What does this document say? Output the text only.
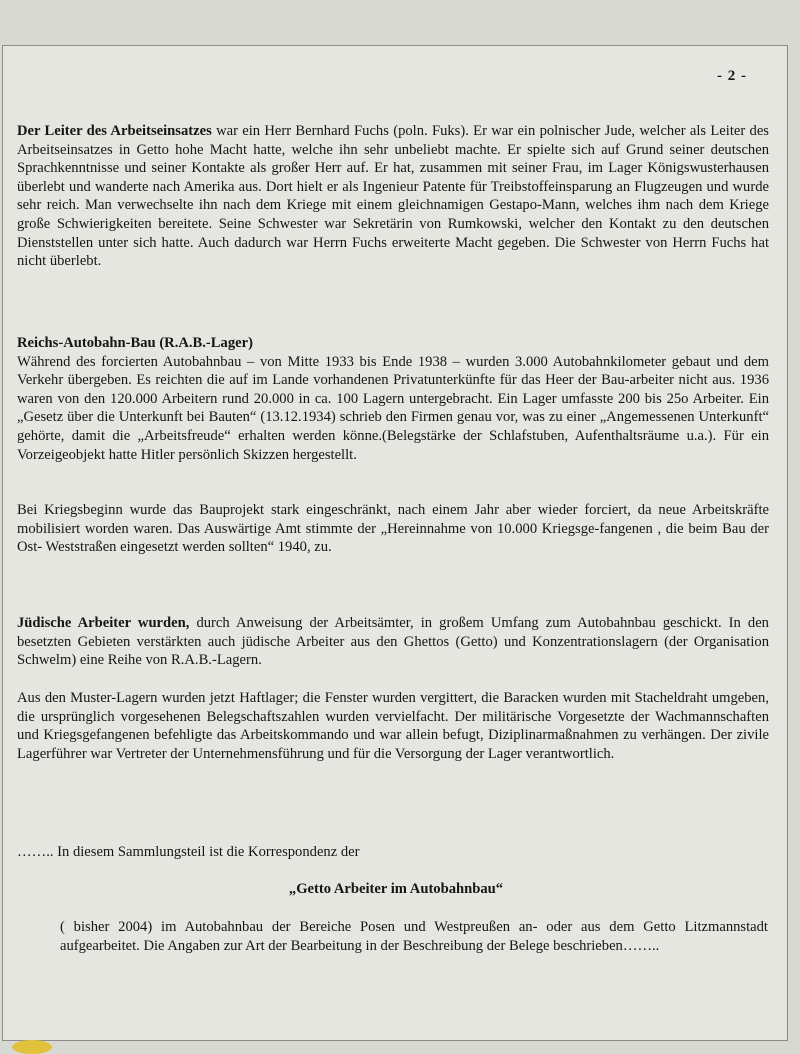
- 2 -

Der Leiter des Arbeitseinsatzes war ein Herr Bernhard Fuchs (poln. Fuks). Er war ein polnischer Jude, welcher als Leiter des Arbeitseinsatzes in Getto hohe Macht hatte, welche ihn sehr unbeliebt machte. Er spielte sich auf Grund seiner deutschen Sprachkenntnisse und seiner Kontakte als großer Herr auf. Er hat, zusammen mit seiner Frau, im Lager Königswusterhausen überlebt und wanderte nach Amerika aus. Dort hielt er als Ingenieur Patente für Treibstoffeinsparung an Flugzeugen und wurde sehr reich. Man verwechselte ihn nach dem Kriege mit einem gleichnamigen Gestapo-Mann, welches ihm nach dem Kriege große Schwierigkeiten bereitete. Seine Schwester war Sekretärin von Rumkowski, welcher den Kontakt zu den deutschen Dienststellen unter sich hatte. Auch dadurch war Herrn Fuchs erweiterte Macht gegeben. Die Schwester von Herrn Fuchs hat nicht überlebt.

Reichs-Autobahn-Bau (R.A.B.-Lager)
Während des forcierten Autobahnbau – von Mitte 1933 bis Ende 1938 – wurden 3.000 Autobahnkilometer gebaut und dem Verkehr übergeben. Es reichten die auf im Lande vorhandenen Privatunterkünfte für das Heer der Bau-arbeiter nicht aus. 1936 waren von den 120.000 Arbeitern rund 20.000 in ca. 100 Lagern untergebracht. Ein Lager umfasste 200 bis 25o Arbeiter. Ein „Gesetz über die Unterkunft bei Bauten“ (13.12.1934) schrieb den Firmen genau vor, was zu einer „Angemessenen Unterkunft“ gehörte, damit die „Arbeitsfreude“ erhalten werden könne.(Belegstärke der Schlafstuben, Aufenthaltsräume u.a.). Für ein Vorzeigeobjekt hatte Hitler persönlich Skizzen hergestellt.

Bei Kriegsbeginn wurde das Bauprojekt stark eingeschränkt, nach einem Jahr aber wieder forciert, da neue Arbeitskräfte mobilisiert worden waren. Das Auswärtige Amt stimmte der „Hereinnahme von 10.000 Kriegsge-fangenen , die beim Bau der Ost- Weststraßen eingesetzt werden sollten“ 1940, zu.

Jüdische Arbeiter wurden, durch Anweisung der Arbeitsämter, in großem Umfang zum Autobahnbau geschickt. In den besetzten Gebieten verstärkten auch jüdische Arbeiter aus den Ghettos (Getto) und Konzentrationslagern (der Organisation Schwelm) eine Reihe von R.A.B.-Lagern.

Aus den Muster-Lagern wurden jetzt Haftlager; die Fenster wurden vergittert, die Baracken wurden mit Stacheldraht umgeben, die ursprünglich vorgesehenen Belegschaftszahlen wurden vervielfacht. Der militärische Vorgesetzte der Wachmannschaften und Kriegsgefangenen befehligte das Arbeitskommando und war allein befugt, Diziplinarmaßnahmen zu verhängen. Der zivile Lagerführer war Vertreter der Unternehmensführung und für die Versorgung der Lager verantwortlich.

…….. In diesem Sammlungsteil ist die Korrespondenz der

„Getto Arbeiter im Autobahnbau“

( bisher 2004) im Autobahnbau der Bereiche Posen und Westpreußen an- oder aus dem Getto Litzmannstadt aufgearbeitet. Die Angaben zur Art der Bearbeitung in der Beschreibung der Belege beschrieben……..
